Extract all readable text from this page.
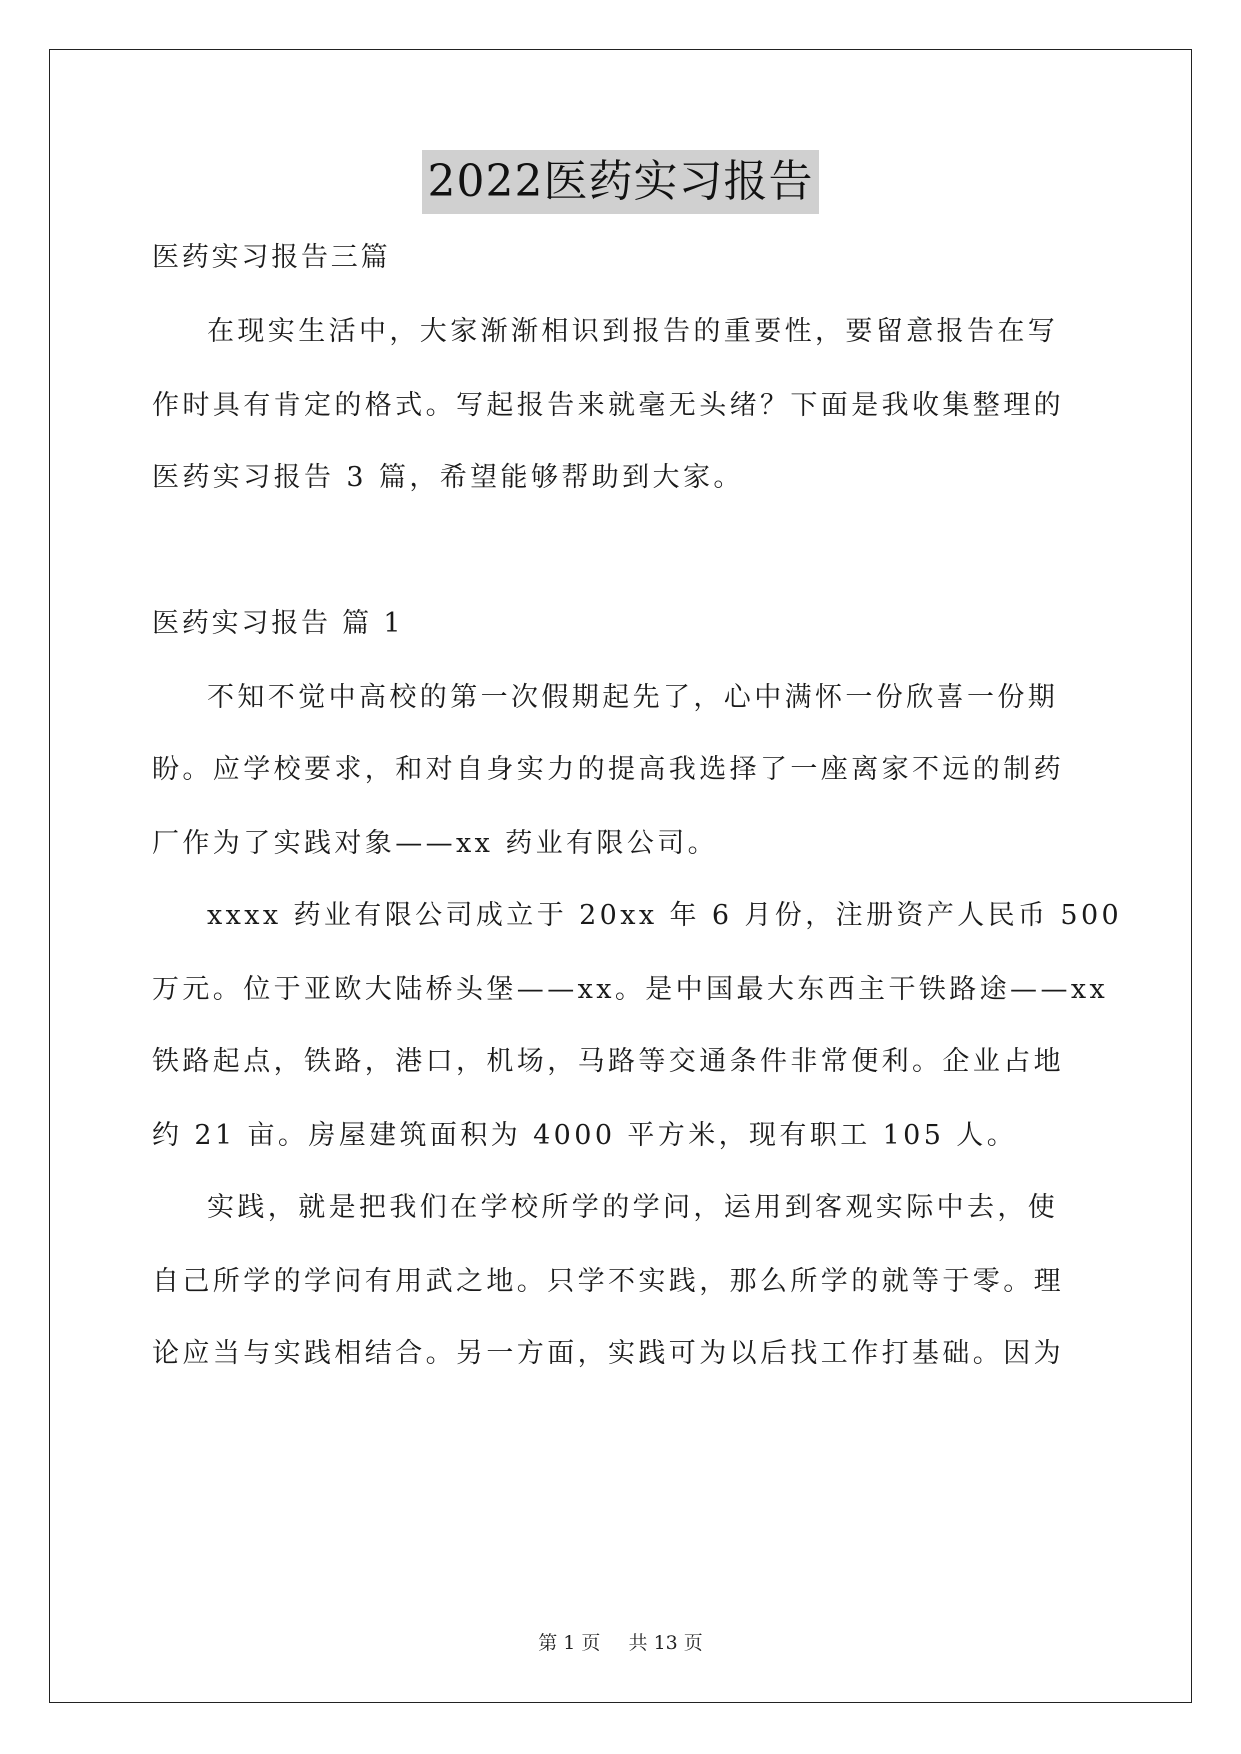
2022医药实习报告
医药实习报告三篇
在现实生活中，大家渐渐相识到报告的重要性，要留意报告在写
作时具有肯定的格式。写起报告来就毫无头绪？下面是我收集整理的
医药实习报告 3 篇，希望能够帮助到大家。
医药实习报告 篇 1
不知不觉中高校的第一次假期起先了，心中满怀一份欣喜一份期
盼。应学校要求，和对自身实力的提高我选择了一座离家不远的制药
厂作为了实践对象——xx 药业有限公司。
xxxx 药业有限公司成立于 20xx 年 6 月份，注册资产人民币 500
万元。位于亚欧大陆桥头堡——xx。是中国最大东西主干铁路途——xx
铁路起点，铁路，港口，机场，马路等交通条件非常便利。企业占地
约 21 亩。房屋建筑面积为 4000 平方米，现有职工 105 人。
实践，就是把我们在学校所学的学问，运用到客观实际中去，使
自己所学的学问有用武之地。只学不实践，那么所学的就等于零。理
论应当与实践相结合。另一方面，实践可为以后找工作打基础。因为
第 1 页 共 13 页
